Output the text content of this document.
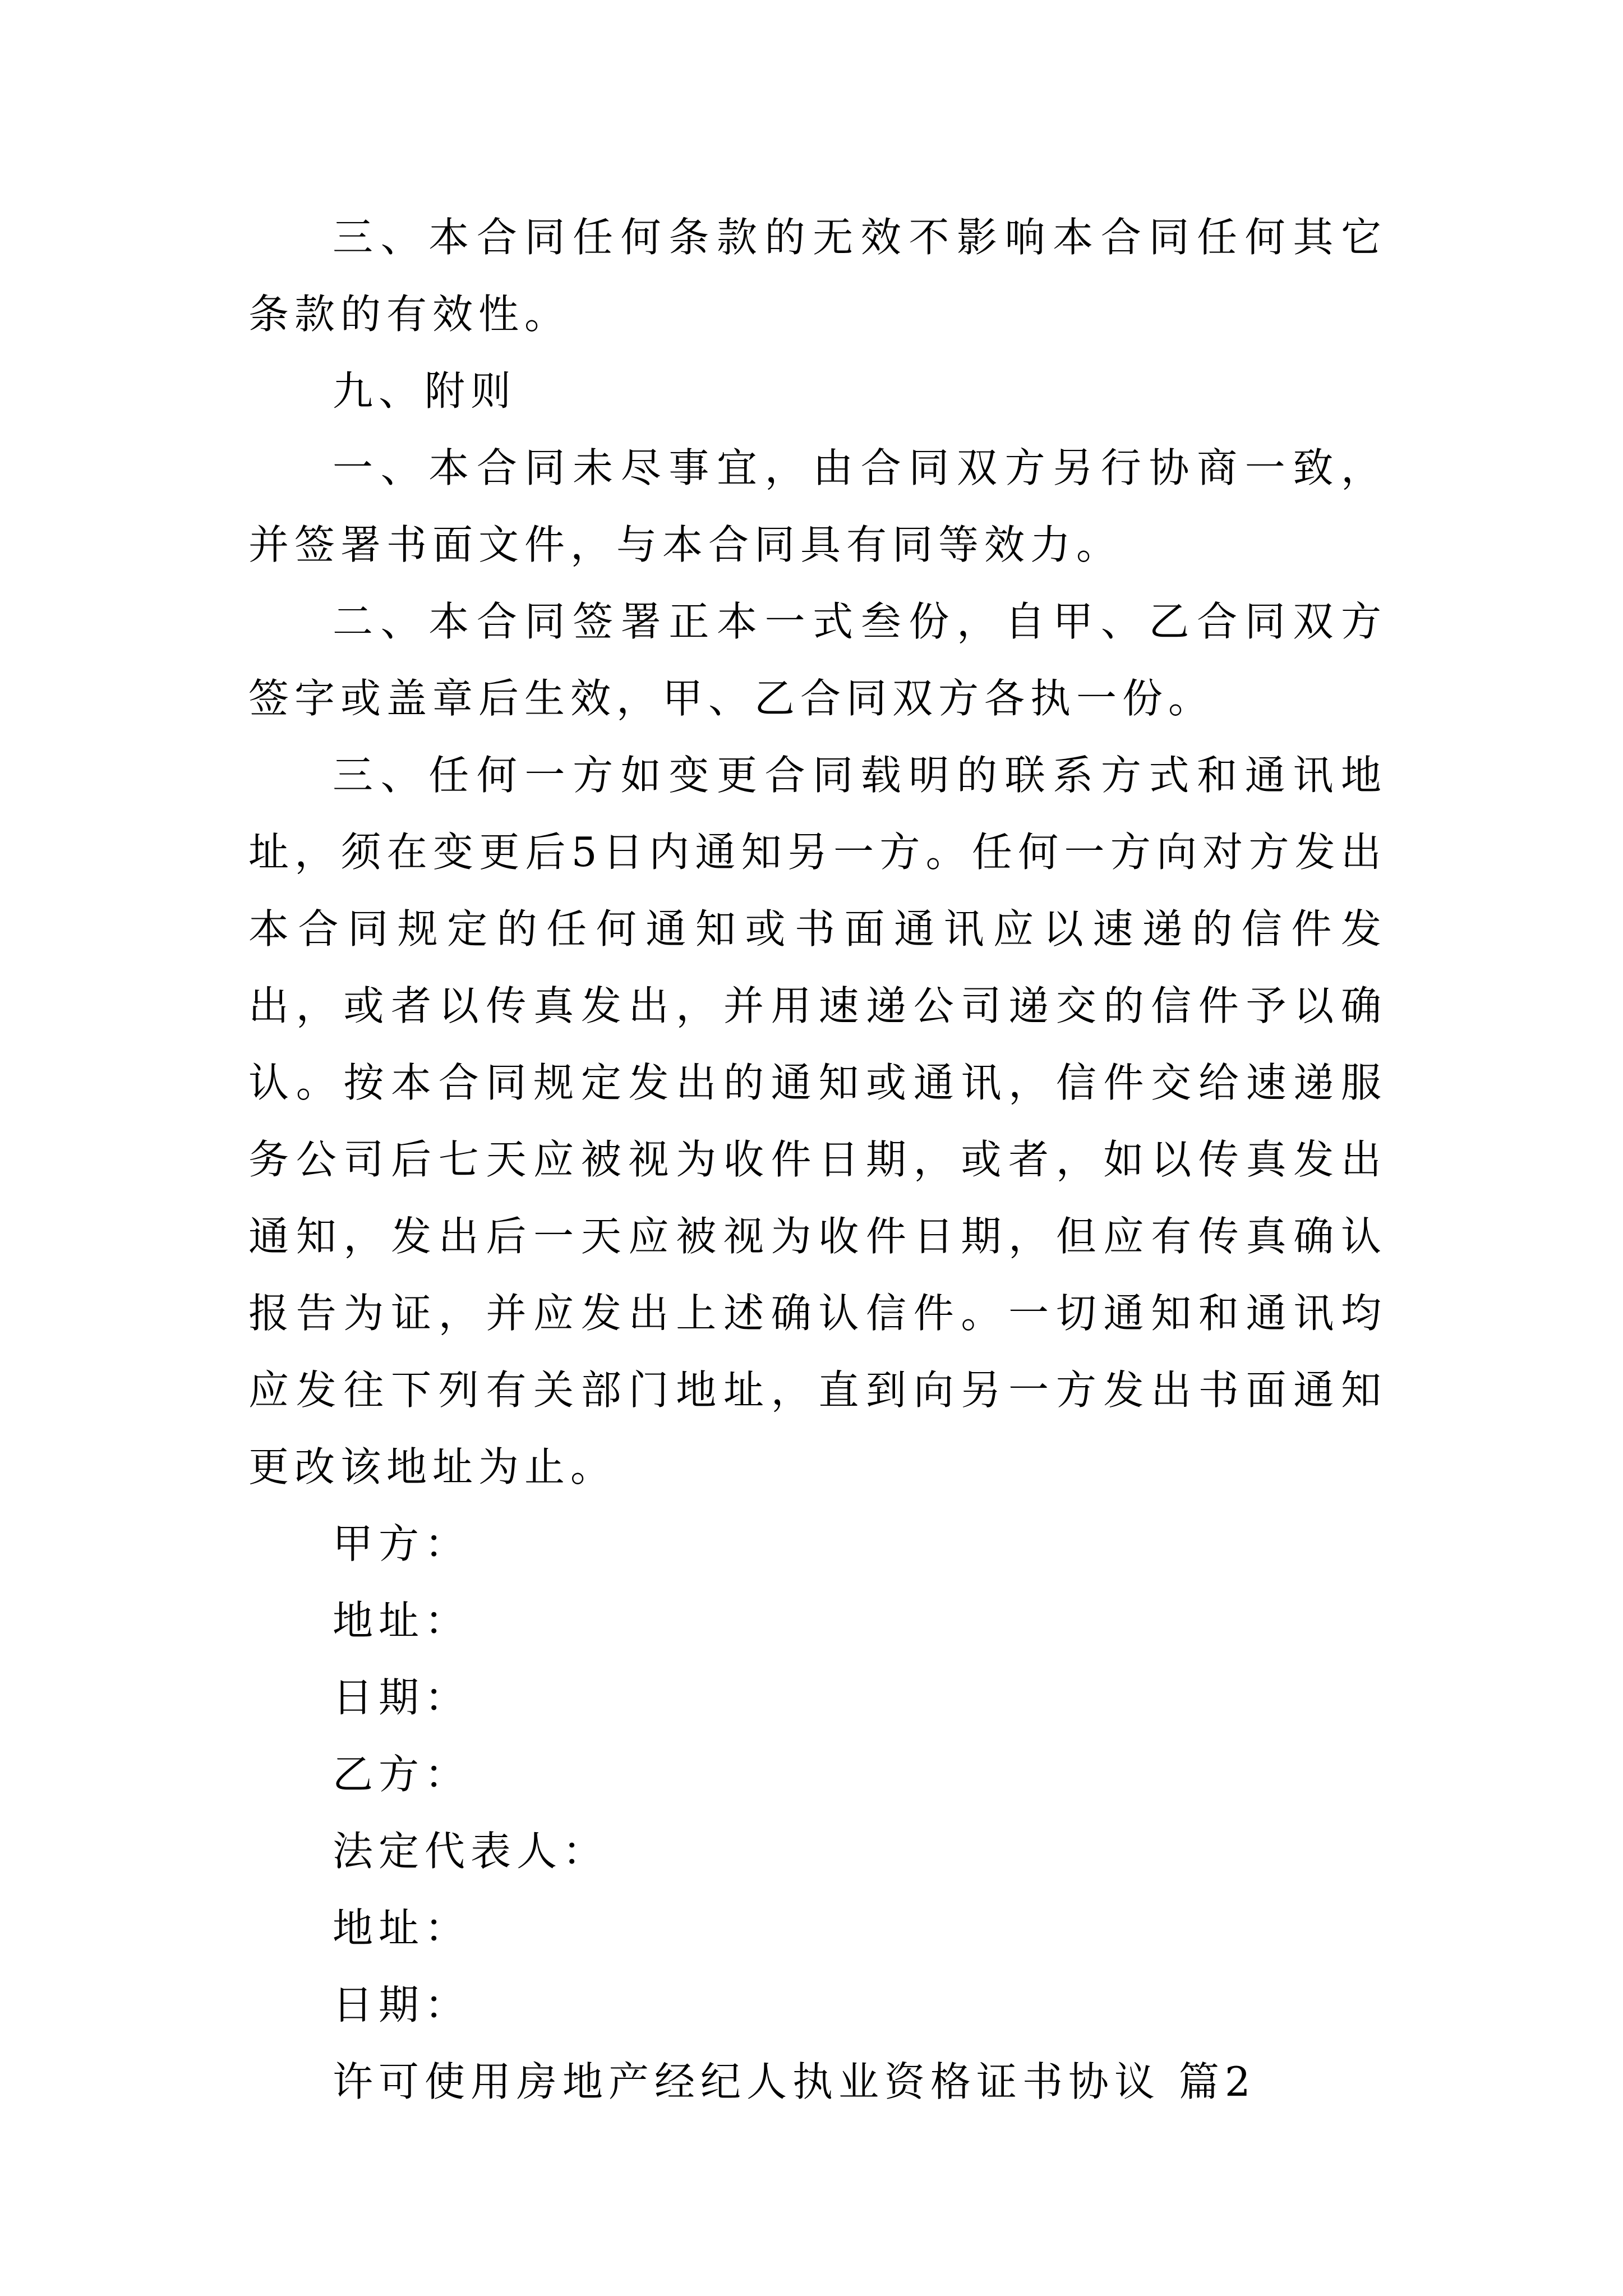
三、本合同任何条款的无效不影响本合同任何其它条款的有效性。

九、附则

一、本合同未尽事宜，由合同双方另行协商一致，并签署书面文件，与本合同具有同等效力。

二、本合同签署正本一式叁份，自甲、乙合同双方签字或盖章后生效，甲、乙合同双方各执一份。

三、任何一方如变更合同载明的联系方式和通讯地址，须在变更后5日内通知另一方。任何一方向对方发出本合同规定的任何通知或书面通讯应以速递的信件发出，或者以传真发出，并用速递公司递交的信件予以确认。按本合同规定发出的通知或通讯，信件交给速递服务公司后七天应被视为收件日期，或者，如以传真发出通知，发出后一天应被视为收件日期，但应有传真确认报告为证，并应发出上述确认信件。一切通知和通讯均应发往下列有关部门地址，直到向另一方发出书面通知更改该地址为止。

甲方：

地址：

日期：

乙方：

法定代表人：

地址：

日期：

许可使用房地产经纪人执业资格证书协议 篇2
